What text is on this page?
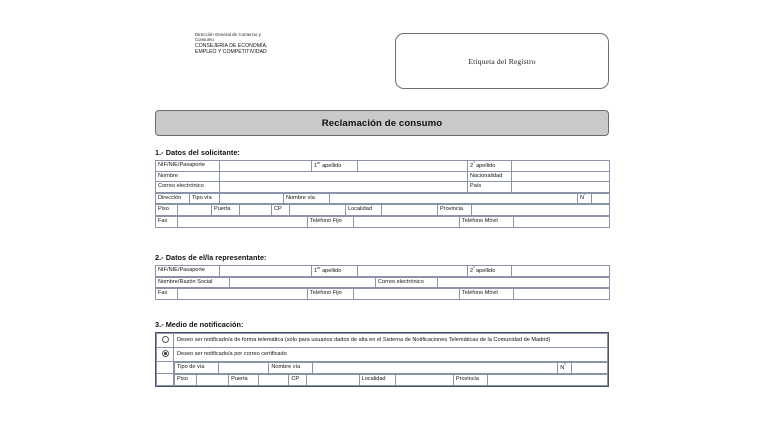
Dirección General de Comercio y
Consumo
CONSEJERÍA DE ECONOMÍA,
EMPLEO Y COMPETITIVIDAD
Etiqueta del Registro
Reclamación de consumo
1.- Datos del solicitante:
NIF/NIE/Pasaporte		1er apellido		$2^º$ apellido	
Nombre				Nacionalidad	
Correo electrónico				País	
Dirección	Tipo vía		Nombre vía		$N^º$	
Piso		Puerta		CP		Localidad		Provincia	
Fax		Teléfono Fijo		Teléfono Móvil	
2.- Datos de el/la representante:
NIF/NIE/Pasaporte		1er apellido		$2^º$ apellido	
Nombre/Razón Social		Correo electrónico	
Fax		Teléfono Fijo		Teléfono Móvil	
3.- Medio de notificación:
	Deseo ser notificado/a de forma telemática (sólo para usuarios dados de alta en el Sistema de Notificaciones Telemáticas de la Comunidad de Madrid)
	Deseo ser notificado/a por correo certificado

Tipo de vía		Nombre vía		$N^º$	

Piso		Puerta		CP		Localidad		Provincia	
